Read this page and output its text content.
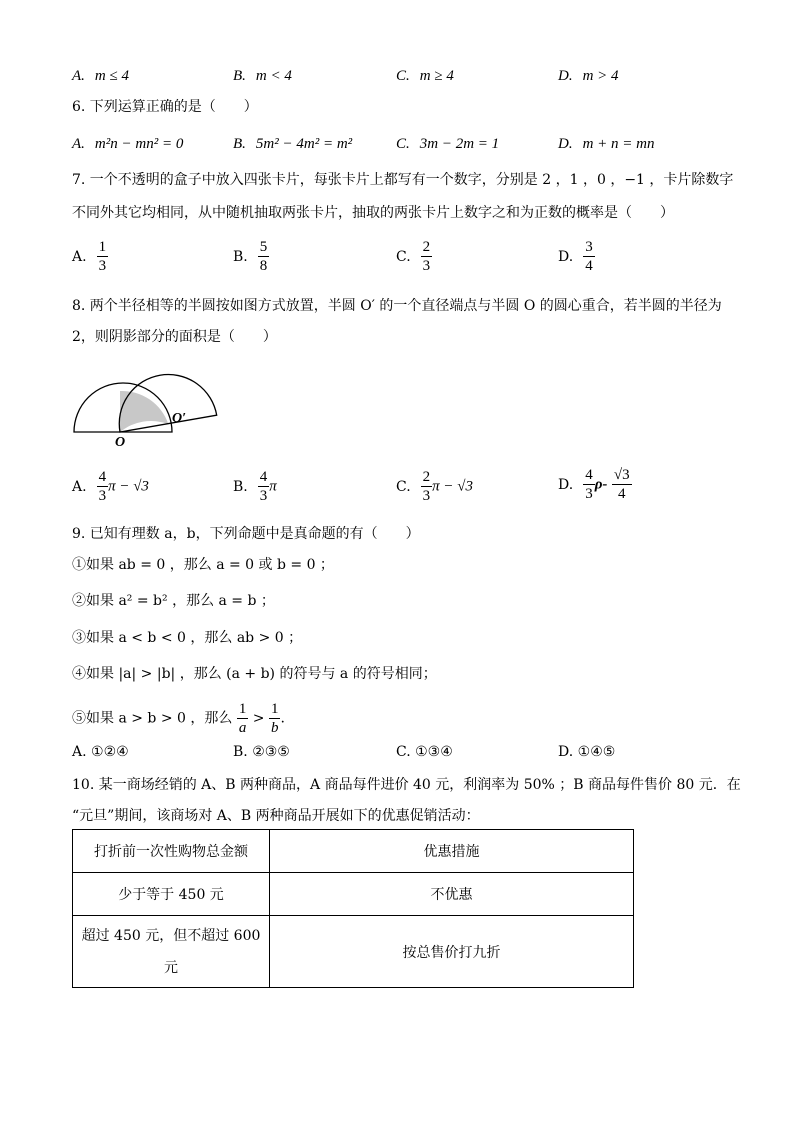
A. m ≤ 4	B. m < 4	C. m ≥ 4	D. m > 4
6. 下列运算正确的是（　　）
A. m²n − mn² = 0	B. 5m² − 4m² = m²	C. 3m − 2m = 1	D. m + n = mn
7. 一个不透明的盒子中放入四张卡片，每张卡片上都写有一个数字，分别是 2 ，1 ，0 ，−1 ，卡片除数字
不同外其它均相同，从中随机抽取两张卡片，抽取的两张卡片上数字之和为正数的概率是（　　）
A. $\frac{1}{3}$	B. $\frac{5}{8}$	C. $\frac{2}{3}$	D. $\frac{3}{4}$
8. 两个半径相等的半圆按如图方式放置，半圆 O′ 的一个直径端点与半圆 O 的圆心重合，若半圆的半径为
2，则阴影部分的面积是（　　）
O
O′
A. $\frac{4}{3}$ π − √3	B. $\frac{4}{3}$ π	C. $\frac{2}{3}$ π − √3	D. $\frac{4}{3} \rho- \frac{√3}{4}$
9. 已知有理数 a，b，下列命题中是真命题的有（　　）
①如果 ab = 0 ，那么 a = 0 或 b = 0 ；
②如果 a² = b² ，那么 a = b ；
③如果 a < b < 0 ，那么 ab > 0 ；
④如果 |a| > |b| ，那么 (a + b) 的符号与 a 的符号相同；
⑤如果 a > b > 0 ，那么 $\frac{1}{a} > \frac{1}{b}$ .
A. ①②④	B. ②③⑤	C. ①③④	D. ①④⑤
10. 某一商场经销的 A、B 两种商品，A 商品每件进价 40 元，利润率为 50% ；B 商品每件售价 80 元．在
“元旦”期间，该商场对 A、B 两种商品开展如下的优惠促销活动：
打折前一次性购物总金额	优惠措施
少于等于 450 元	不优惠
超过 450 元，但不超过 600
元	按总售价打九折
